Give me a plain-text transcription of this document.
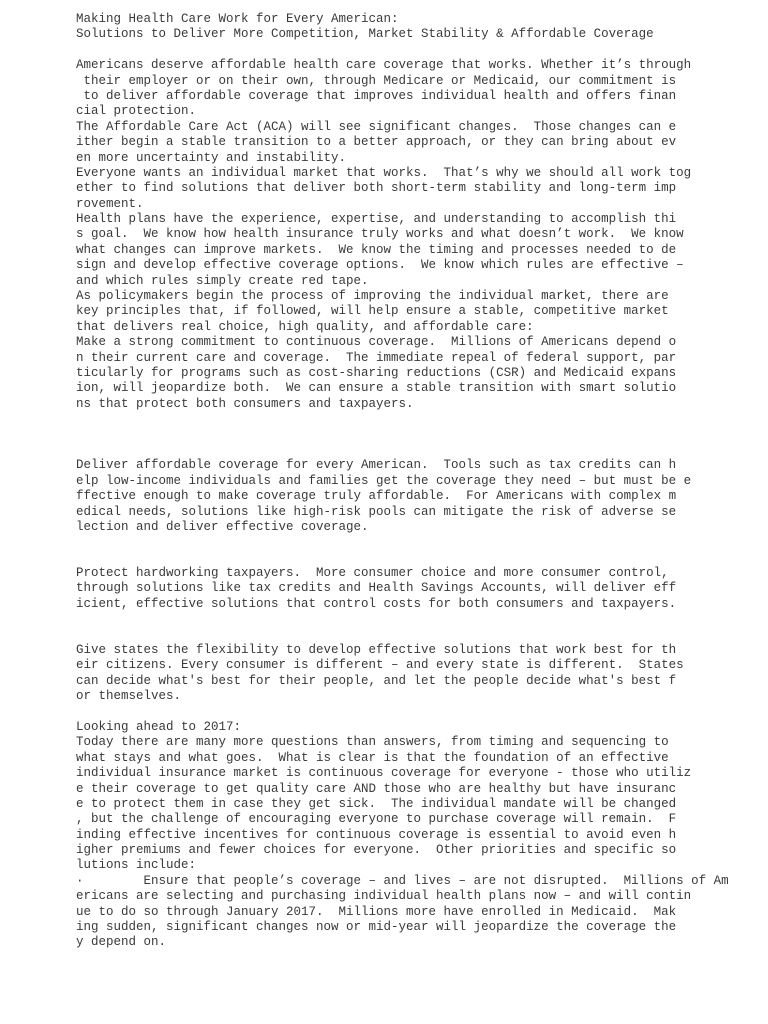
Making Health Care Work for Every American:
Solutions to Deliver More Competition, Market Stability & Affordable Coverage
Americans deserve affordable health care coverage that works. Whether it’s through
their employer or on their own, through Medicare or Medicaid, our commitment is
to deliver affordable coverage that improves individual health and offers finan
cial protection.
The Affordable Care Act (ACA) will see significant changes.  Those changes can e
ither begin a stable transition to a better approach, or they can bring about ev
en more uncertainty and instability.
Everyone wants an individual market that works.  That’s why we should all work tog
ether to find solutions that deliver both short-term stability and long-term imp
rovement.
Health plans have the experience, expertise, and understanding to accomplish thi
s goal.  We know how health insurance truly works and what doesn’t work.  We know
what changes can improve markets.  We know the timing and processes needed to de
sign and develop effective coverage options.  We know which rules are effective –
and which rules simply create red tape.
As policymakers begin the process of improving the individual market, there are
key principles that, if followed, will help ensure a stable, competitive market
that delivers real choice, high quality, and affordable care:
Make a strong commitment to continuous coverage.  Millions of Americans depend o
n their current care and coverage.  The immediate repeal of federal support, par
ticularly for programs such as cost-sharing reductions (CSR) and Medicaid expans
ion, will jeopardize both.  We can ensure a stable transition with smart solutio
ns that protect both consumers and taxpayers.
Deliver affordable coverage for every American.  Tools such as tax credits can h
elp low-income individuals and families get the coverage they need – but must be e
ffective enough to make coverage truly affordable.  For Americans with complex m
edical needs, solutions like high-risk pools can mitigate the risk of adverse se
lection and deliver effective coverage.
Protect hardworking taxpayers.  More consumer choice and more consumer control,
through solutions like tax credits and Health Savings Accounts, will deliver eff
icient, effective solutions that control costs for both consumers and taxpayers.
Give states the flexibility to develop effective solutions that work best for th
eir citizens. Every consumer is different – and every state is different.  States
can decide what's best for their people, and let the people decide what's best f
or themselves.
Looking ahead to 2017:
Today there are many more questions than answers, from timing and sequencing to
what stays and what goes.  What is clear is that the foundation of an effective
individual insurance market is continuous coverage for everyone - those who utiliz
e their coverage to get quality care AND those who are healthy but have insuranc
e to protect them in case they get sick.  The individual mandate will be changed
, but the challenge of encouraging everyone to purchase coverage will remain.  F
inding effective incentives for continuous coverage is essential to avoid even h
igher premiums and fewer choices for everyone.  Other priorities and specific so
lutions include:
·        Ensure that people’s coverage – and lives – are not disrupted.  Millions of Am
ericans are selecting and purchasing individual health plans now – and will contin
ue to do so through January 2017.  Millions more have enrolled in Medicaid.  Mak
ing sudden, significant changes now or mid-year will jeopardize the coverage the
y depend on.
